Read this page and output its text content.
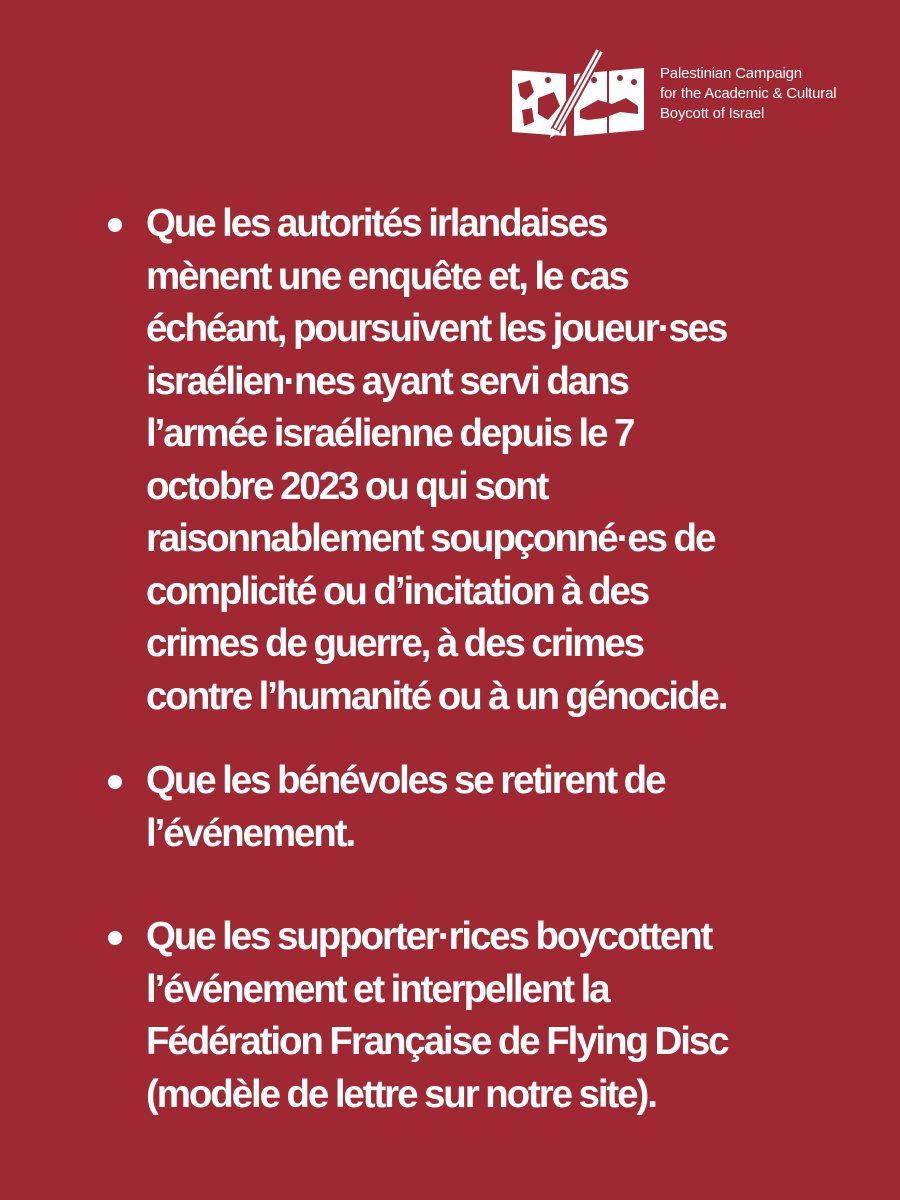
Palestinian Campaign
for the Academic & Cultural
Boycott of Israel
Que les autorités irlandaises
mènent une enquête et, le cas
échéant, poursuivent les joueur·ses
israélien·nes ayant servi dans
l’armée israélienne depuis le 7
octobre 2023 ou qui sont
raisonnablement soupçonné·es de
complicité ou d’incitation à des
crimes de guerre, à des crimes
contre l’humanité ou à un génocide.
Que les bénévoles se retirent de
l’événement.
Que les supporter·rices boycottent
l’événement et interpellent la
Fédération Française de Flying Disc
(modèle de lettre sur notre site).
